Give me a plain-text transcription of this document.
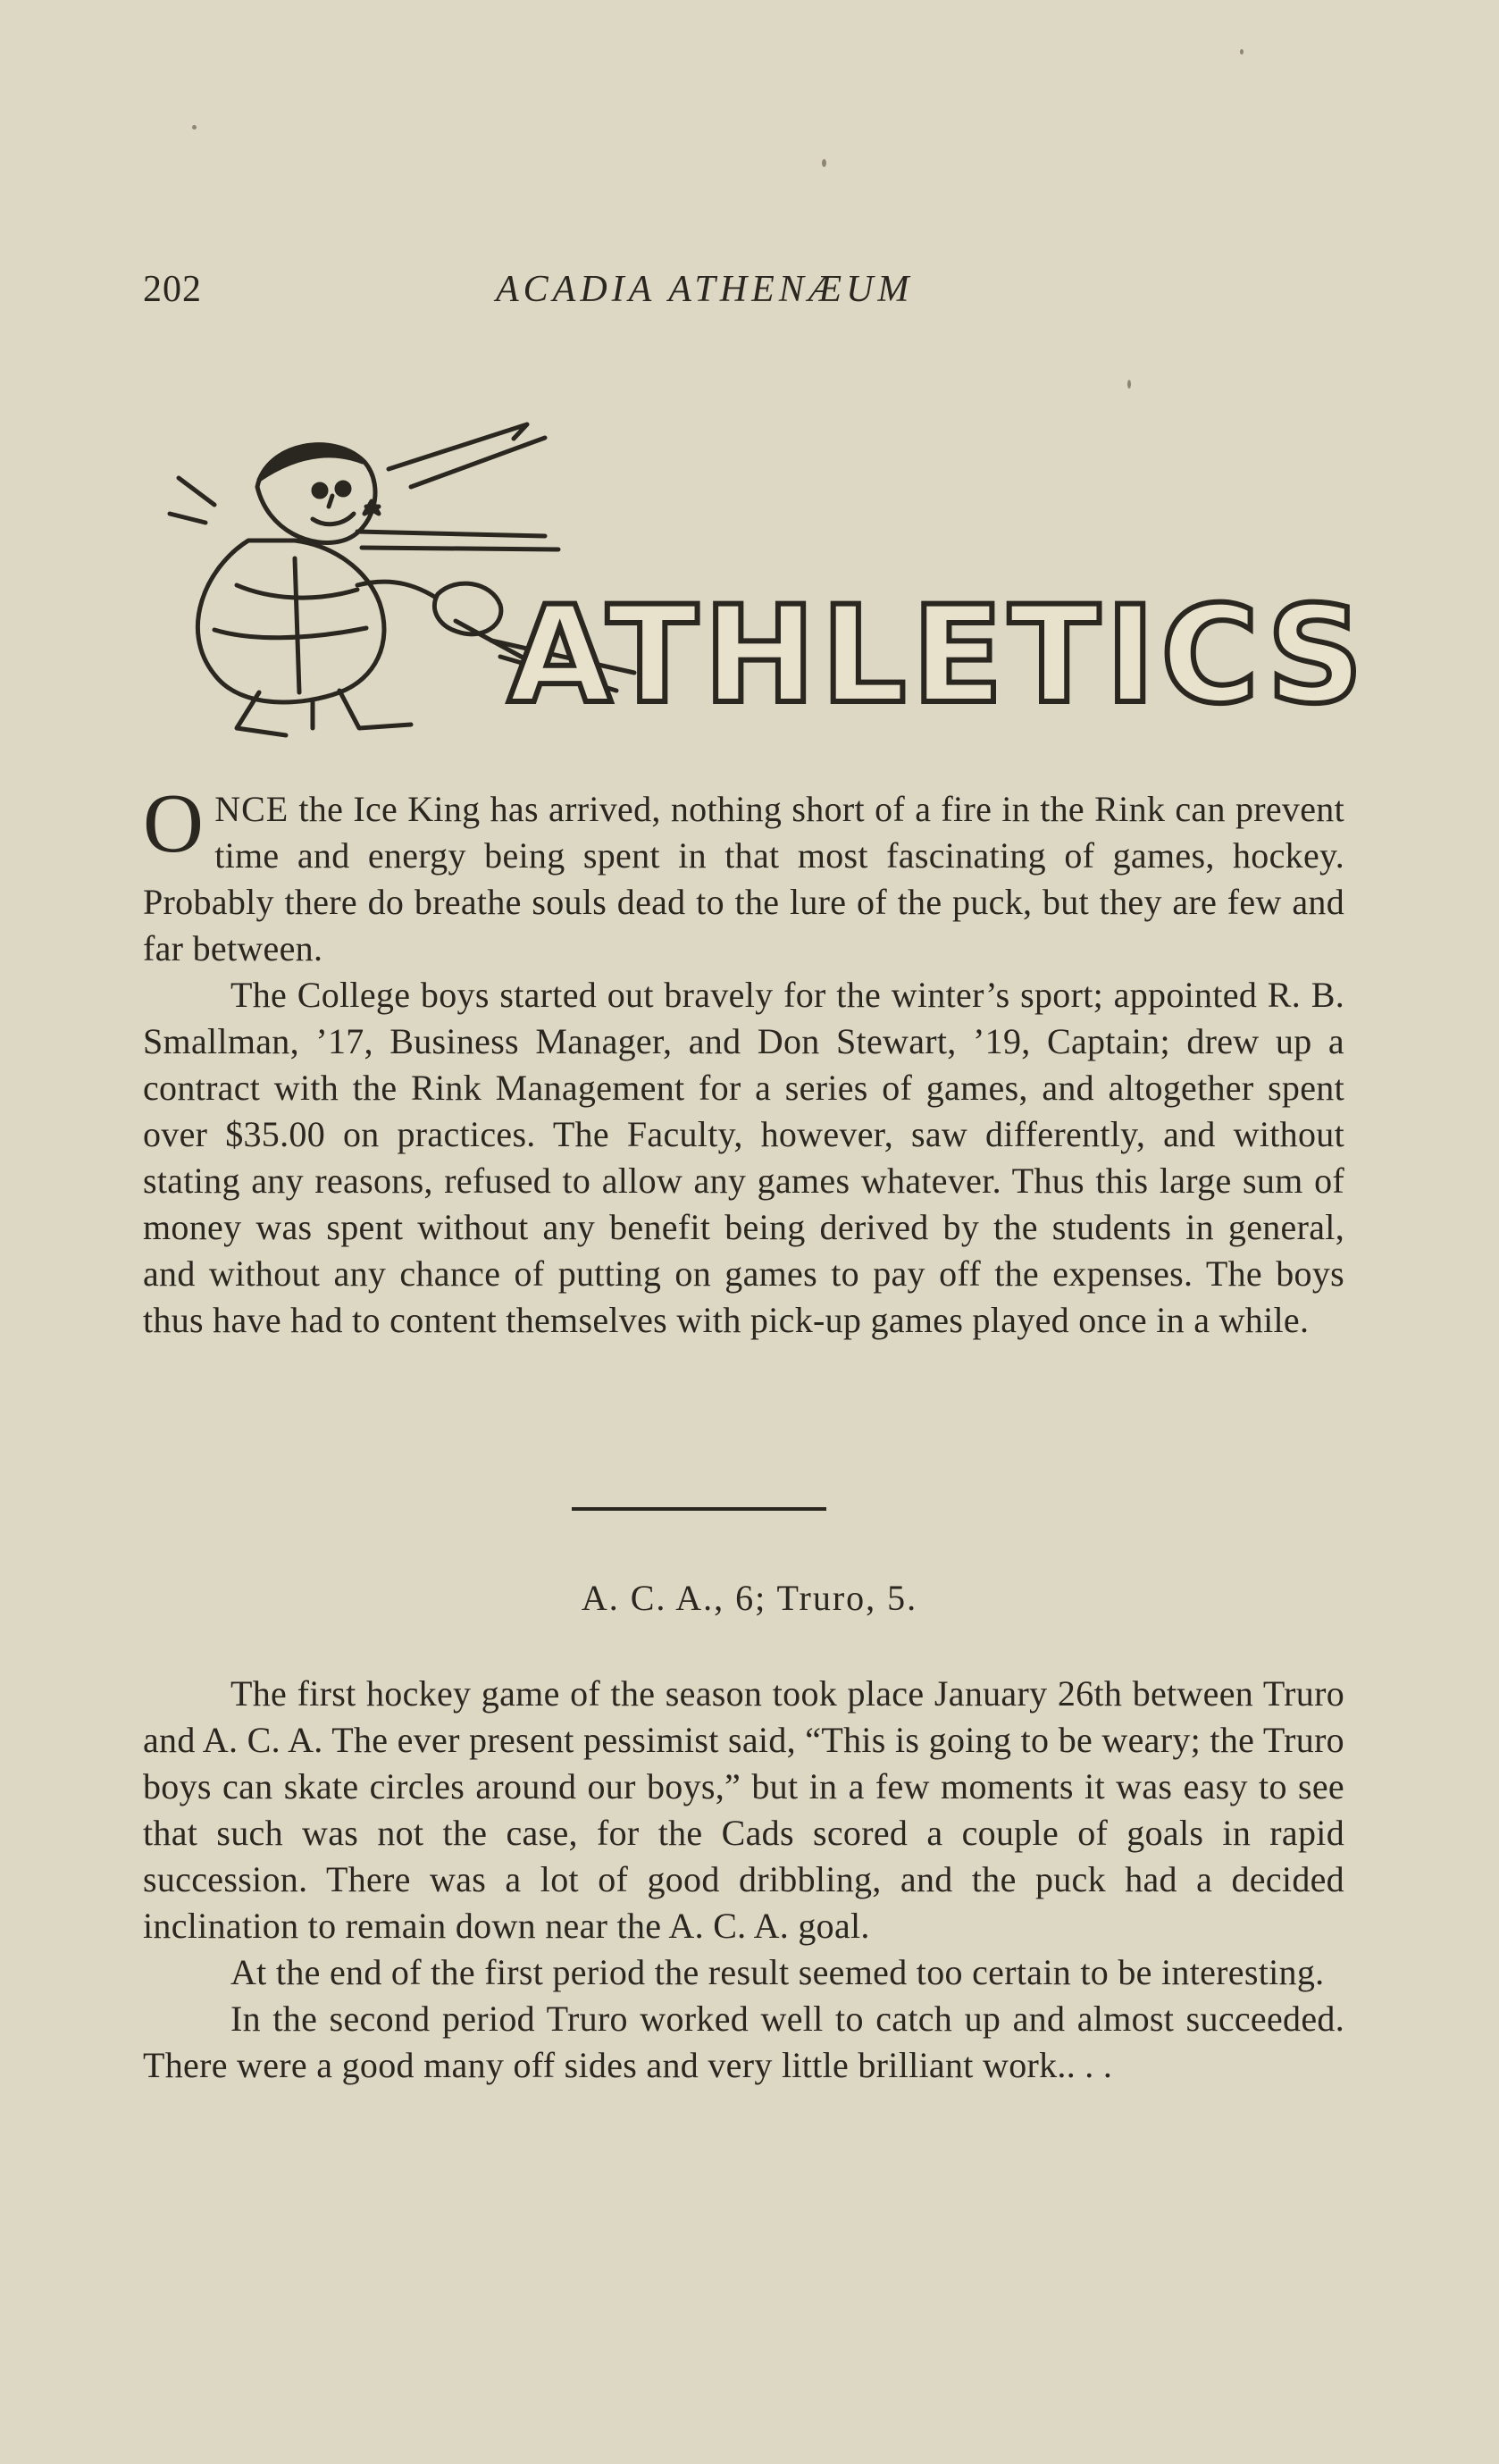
202	ACADIA ATHENÆUM
ATHLETICS

ONCE the Ice King has arrived, nothing short of a fire in the Rink can prevent time and energy being spent in that most fascinating of games, hockey. Probably there do breathe souls dead to the lure of the puck, but they are few and far between.

The College boys started out bravely for the winter’s sport; appointed R. B. Smallman, ’17, Business Manager, and Don Stewart, ’19, Captain; drew up a contract with the Rink Management for a series of games, and altogether spent over $35.00 on practices. The Faculty, however, saw differently, and without stating any reasons, refused to allow any games whatever. Thus this large sum of money was spent without any benefit being derived by the students in general, and without any chance of putting on games to pay off the expenses. The boys thus have had to content themselves with pick-up games played once in a while.

A. C. A., 6; Truro, 5.

The first hockey game of the season took place January 26th between Truro and A. C. A. The ever present pessimist said, “This is going to be weary; the Truro boys can skate circles around our boys,” but in a few moments it was easy to see that such was not the case, for the Cads scored a couple of goals in rapid succession. There was a lot of good dribbling, and the puck had a decided inclination to remain down near the A. C. A. goal.

At the end of the first period the result seemed too certain to be interesting.

In the second period Truro worked well to catch up and almost succeeded. There were a good many off sides and very little brilliant work.. . .
